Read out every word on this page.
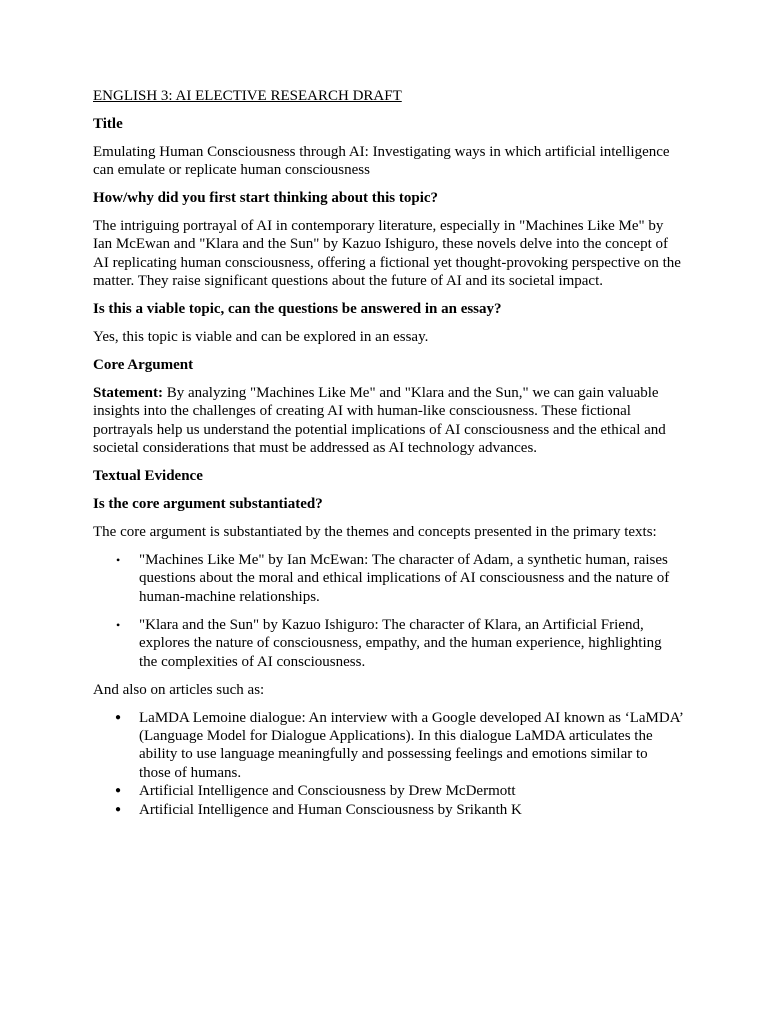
ENGLISH 3: AI ELECTIVE RESEARCH DRAFT

Title

Emulating Human Consciousness through AI: Investigating ways in which artificial intelligence can emulate or replicate human consciousness

How/why did you first start thinking about this topic?

The intriguing portrayal of AI in contemporary literature, especially in "Machines Like Me" by Ian McEwan and "Klara and the Sun" by Kazuo Ishiguro, these novels delve into the concept of AI replicating human consciousness, offering a fictional yet thought-provoking perspective on the matter. They raise significant questions about the future of AI and its societal impact.

Is this a viable topic, can the questions be answered in an essay?

Yes, this topic is viable and can be explored in an essay.

Core Argument

Statement: By analyzing "Machines Like Me" and "Klara and the Sun," we can gain valuable insights into the challenges of creating AI with human-like consciousness. These fictional portrayals help us understand the potential implications of AI consciousness and the ethical and societal considerations that must be addressed as AI technology advances.

Textual Evidence

Is the core argument substantiated?

The core argument is substantiated by the themes and concepts presented in the primary texts:

• "Machines Like Me" by Ian McEwan: The character of Adam, a synthetic human, raises questions about the moral and ethical implications of AI consciousness and the nature of human-machine relationships.
• "Klara and the Sun" by Kazuo Ishiguro: The character of Klara, an Artificial Friend, explores the nature of consciousness, empathy, and the human experience, highlighting the complexities of AI consciousness.

And also on articles such as:

● LaMDA Lemoine dialogue: An interview with a Google developed AI known as ‘LaMDA’ (Language Model for Dialogue Applications). In this dialogue LaMDA articulates the ability to use language meaningfully and possessing feelings and emotions similar to those of humans.
● Artificial Intelligence and Consciousness by Drew McDermott
● Artificial Intelligence and Human Consciousness by Srikanth K
